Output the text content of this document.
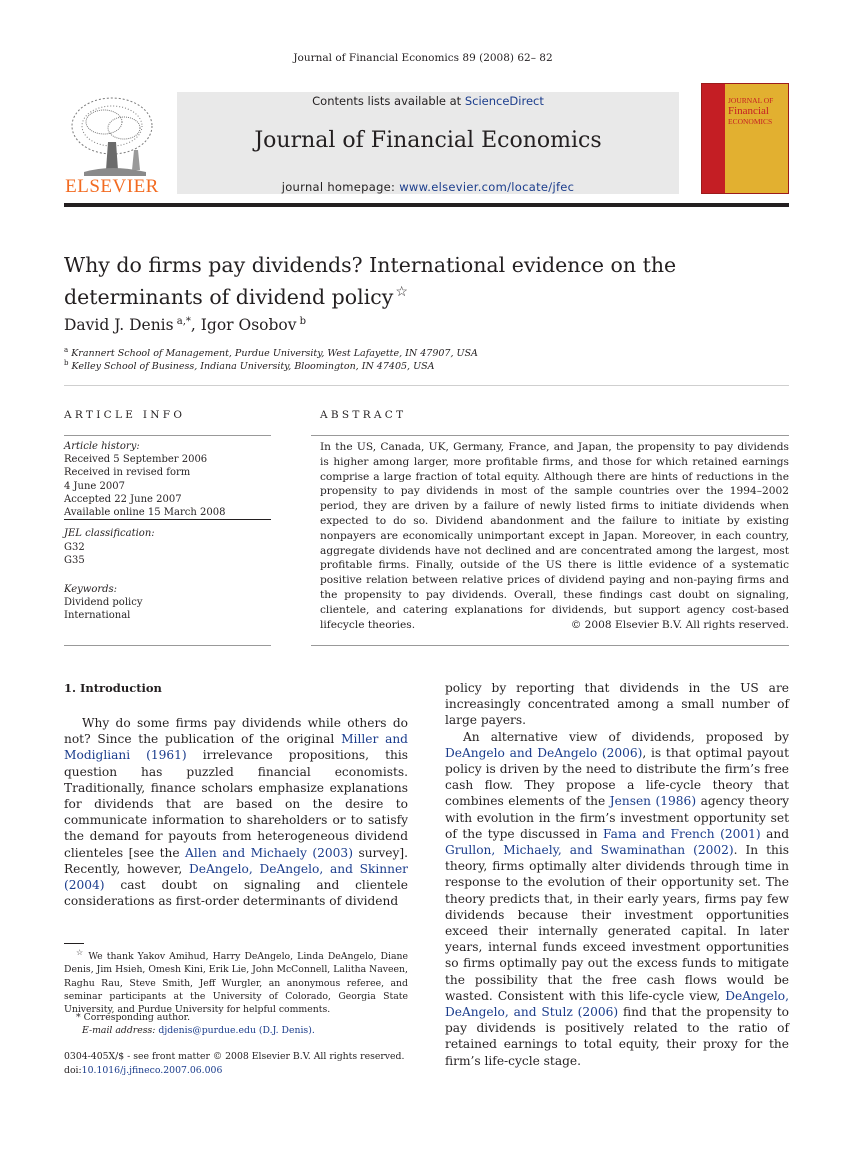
Journal of Financial Economics 89 (2008) 62– 82
Contents lists available at ScienceDirect
Journal of Financial Economics
journal homepage: www.elsevier.com/locate/jfec
ELSEVIER
JOURNAL OF
Financial
ECONOMICS
Why do firms pay dividends? International evidence on the
determinants of dividend policy ☆
David J. Denis $^{a,*}$, Igor Osobov $^b$
$^a$ Krannert School of Management, Purdue University, West Lafayette, IN 47907, USA
$^b$ Kelley School of Business, Indiana University, Bloomington, IN 47405, USA
ARTICLE INFO	ABSTRACT
Article history:
Received 5 September 2006
Received in revised form
4 June 2007
Accepted 22 June 2007
Available online 15 March 2008
JEL classification:
G32
G35
Keywords:
Dividend policy
International
In the US, Canada, UK, Germany, France, and Japan, the propensity to pay dividends is higher among larger, more profitable firms, and those for which retained earnings comprise a large fraction of total equity. Although there are hints of reductions in the propensity to pay dividends in most of the sample countries over the 1994–2002 period, they are driven by a failure of newly listed firms to initiate dividends when expected to do so. Dividend abandonment and the failure to initiate by existing nonpayers are economically unimportant except in Japan. Moreover, in each country, aggregate dividends have not declined and are concentrated among the largest, most profitable firms. Finally, outside of the US there is little evidence of a systematic positive relation between relative prices of dividend paying and non-paying firms and the propensity to pay dividends. Overall, these findings cast doubt on signaling, clientele, and catering explanations for dividends, but support agency cost-based lifecycle theories.	© 2008 Elsevier B.V. All rights reserved.
1. Introduction

Why do some firms pay dividends while others do not? Since the publication of the original Miller and Modigliani (1961) irrelevance propositions, this question has puzzled financial economists. Traditionally, finance scholars emphasize explanations for dividends that are based on the desire to communicate information to shareholders or to satisfy the demand for payouts from heterogeneous dividend clienteles [see the Allen and Michaely (2003) survey]. Recently, however, DeAngelo, DeAngelo, and Skinner (2004) cast doubt on signaling and clientele considerations as first-order determinants of dividend

policy by reporting that dividends in the US are increasingly concentrated among a small number of large payers.

An alternative view of dividends, proposed by DeAngelo and DeAngelo (2006), is that optimal payout policy is driven by the need to distribute the firm’s free cash flow. They propose a life-cycle theory that combines elements of the Jensen (1986) agency theory with evolution in the firm’s investment opportunity set of the type discussed in Fama and French (2001) and Grullon, Michaely, and Swaminathan (2002). In this theory, firms optimally alter dividends through time in response to the evolution of their opportunity set. The theory predicts that, in their early years, firms pay few dividends because their investment opportunities exceed their internally generated capital. In later years, internal funds exceed investment opportunities so firms optimally pay out the excess funds to mitigate the possibility that the free cash flows would be wasted. Consistent with this life-cycle view, DeAngelo, DeAngelo, and Stulz (2006) find that the propensity to pay dividends is positively related to the ratio of retained earnings to total equity, their proxy for the firm’s life-cycle stage.

☆ We thank Yakov Amihud, Harry DeAngelo, Linda DeAngelo, Diane Denis, Jim Hsieh, Omesh Kini, Erik Lie, John McConnell, Lalitha Naveen, Raghu Rau, Steve Smith, Jeff Wurgler, an anonymous referee, and seminar participants at the University of Colorado, Georgia State University, and Purdue University for helpful comments.

* Corresponding author.
E-mail address: djdenis@purdue.edu (D.J. Denis).
0304-405X/$ - see front matter © 2008 Elsevier B.V. All rights reserved.
doi:10.1016/j.jfineco.2007.06.006
